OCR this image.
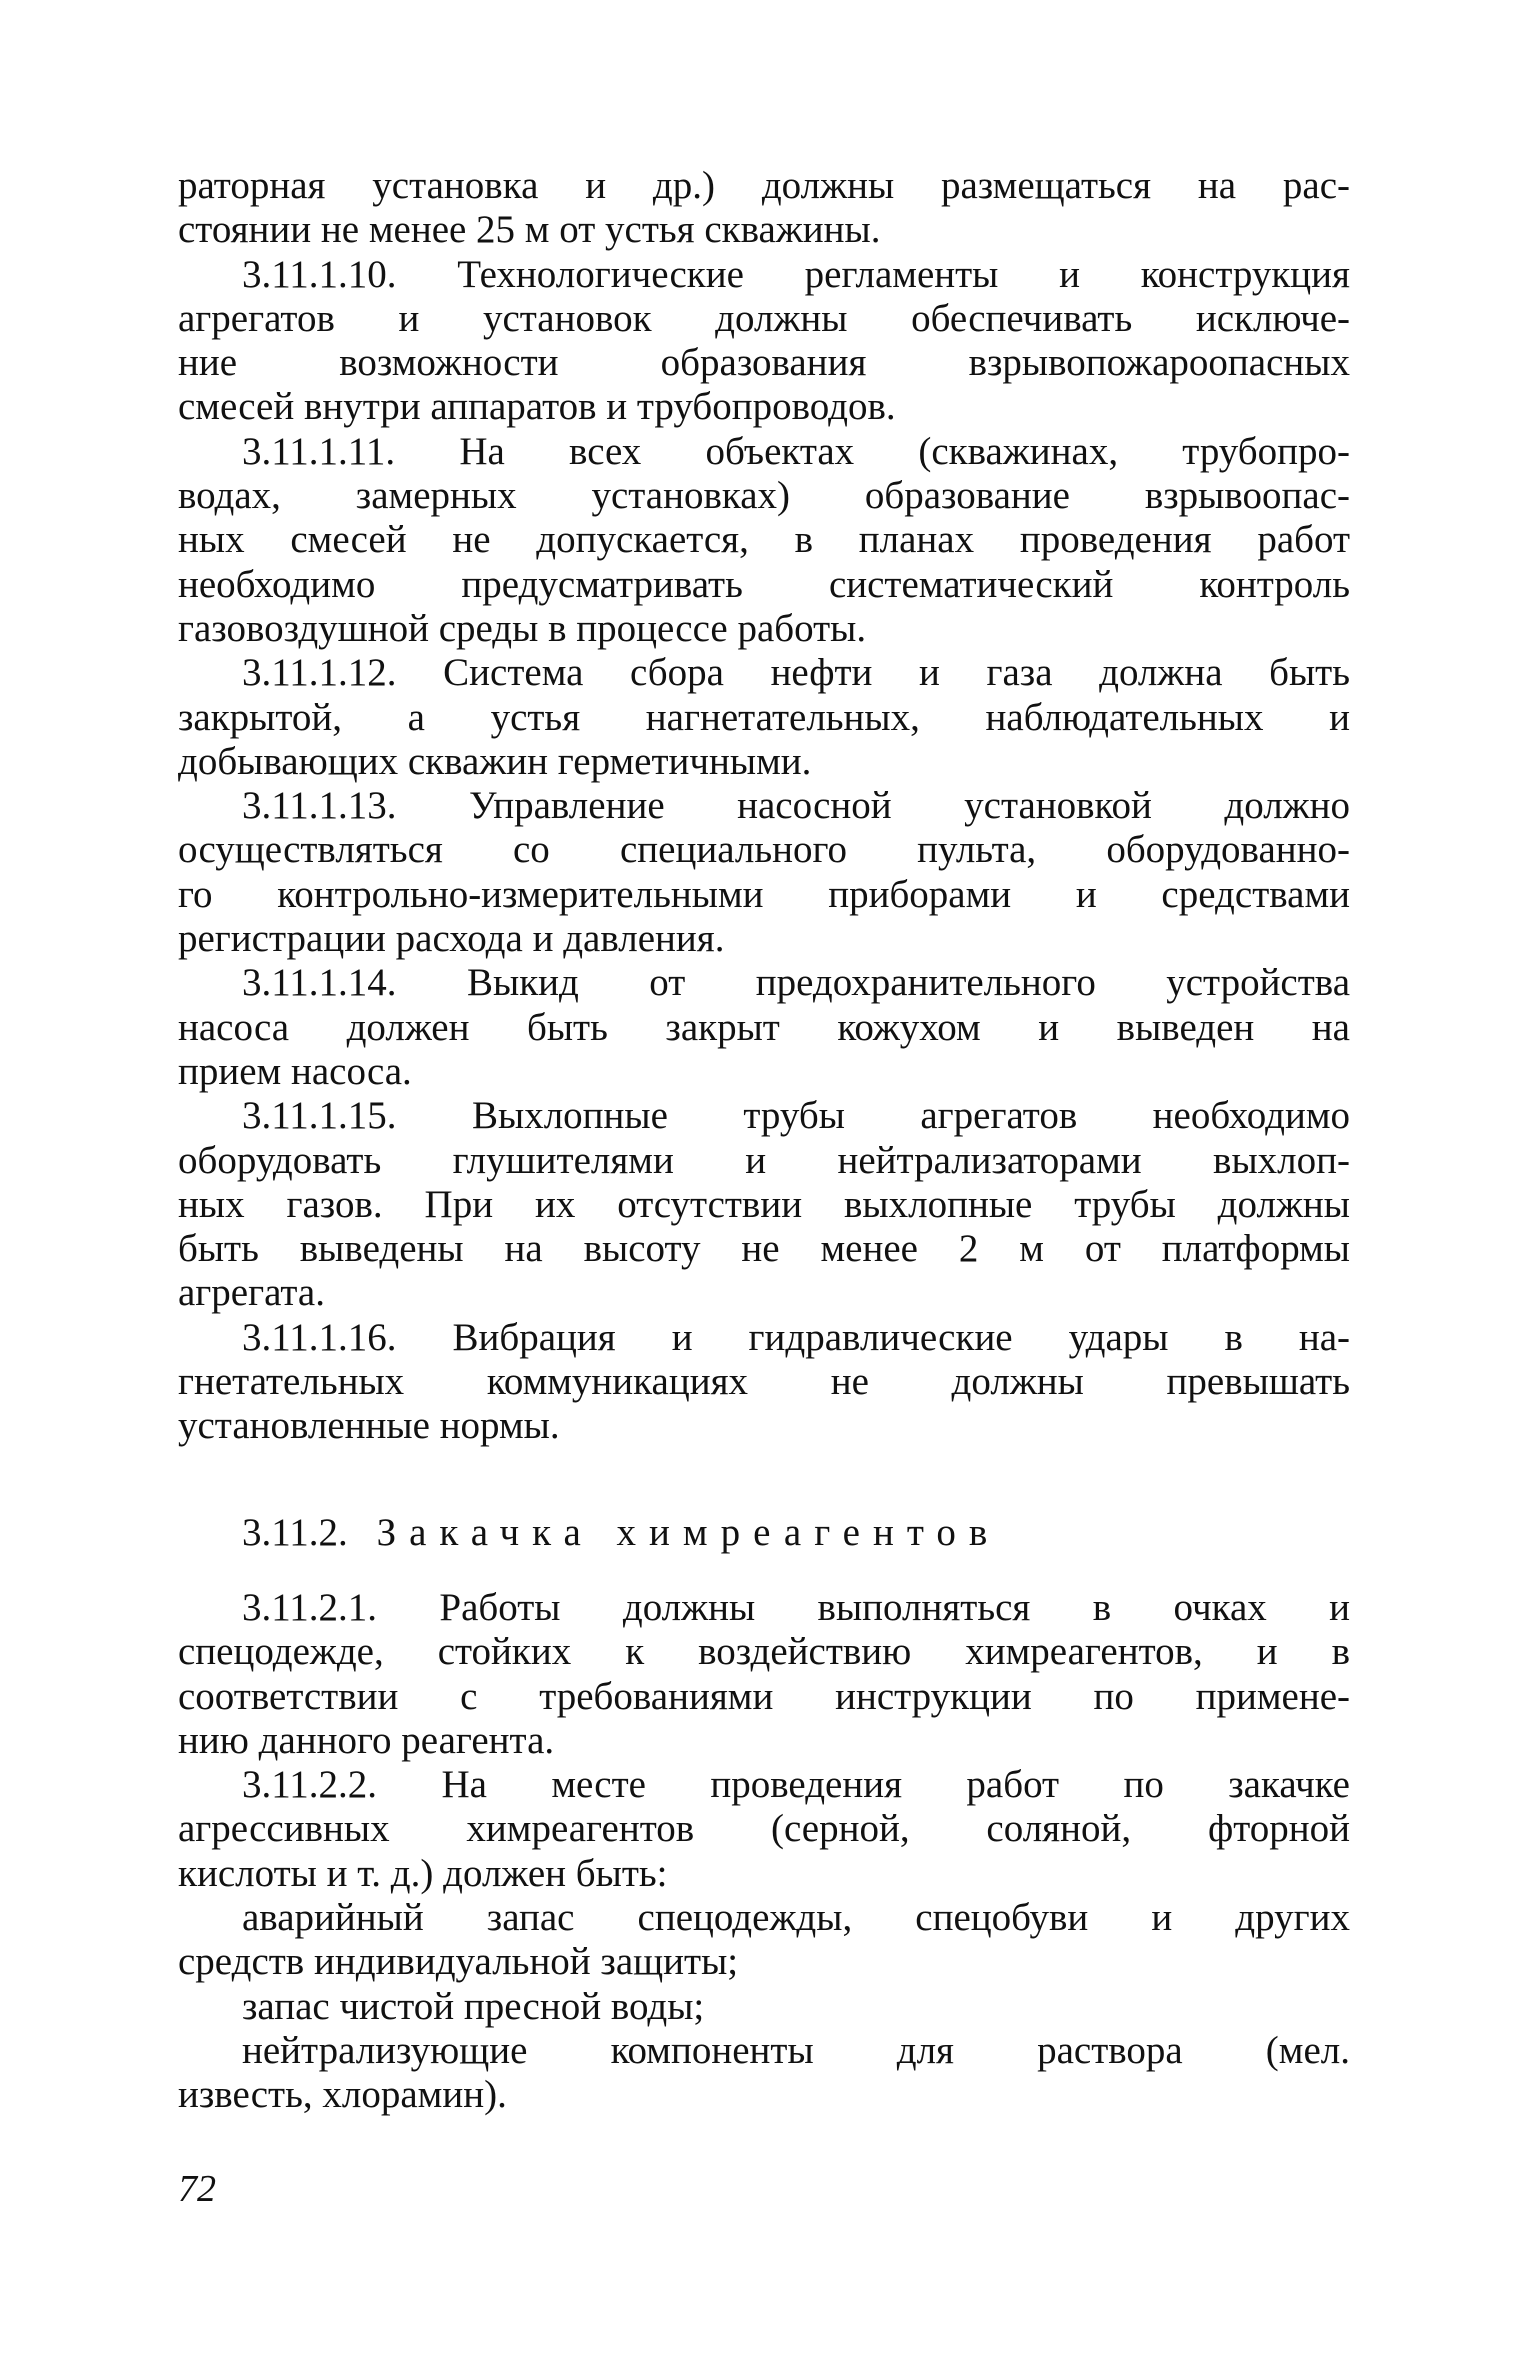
раторная установка и др.) должны размещаться на рас-
стоянии не менее 25 м от устья скважины.
3.11.1.10. Технологические регламенты и конструкция
агрегатов и установок должны обеспечивать исключе-
ние возможности образования взрывопожароопасных
смесей внутри аппаратов и трубопроводов.
3.11.1.11. На всех объектах (скважинах, трубопро-
водах, замерных установках) образование взрывоопас-
ных смесей не допускается, в планах проведения работ
необходимо предусматривать систематический контроль
газовоздушной среды в процессе работы.
3.11.1.12. Система сбора нефти и газа должна быть
закрытой, а устья нагнетательных, наблюдательных и
добывающих скважин герметичными.
3.11.1.13. Управление насосной установкой должно
осуществляться со специального пульта, оборудованно-
го контрольно-измерительными приборами и средствами
регистрации расхода и давления.
3.11.1.14. Выкид от предохранительного устройства
насоса должен быть закрыт кожухом и выведен на
прием насоса.
3.11.1.15. Выхлопные трубы агрегатов необходимо
оборудовать глушителями и нейтрализаторами выхлоп-
ных газов. При их отсутствии выхлопные трубы должны
быть выведены на высоту не менее 2 м от платформы
агрегата.
3.11.1.16. Вибрация и гидравлические удары в на-
гнетательных коммуникациях не должны превышать
установленные нормы.
3.11.2. Закачка химреагентов
3.11.2.1. Работы должны выполняться в очках и
спецодежде, стойких к воздействию химреагентов, и в
соответствии с требованиями инструкции по примене-
нию данного реагента.
3.11.2.2. На месте проведения работ по закачке
агрессивных химреагентов (серной, соляной, фторной
кислоты и т. д.) должен быть:
аварийный запас спецодежды, спецобуви и других
средств индивидуальной защиты;
запас чистой пресной воды;
нейтрализующие компоненты для раствора (мел.
известь, хлорамин).
72
